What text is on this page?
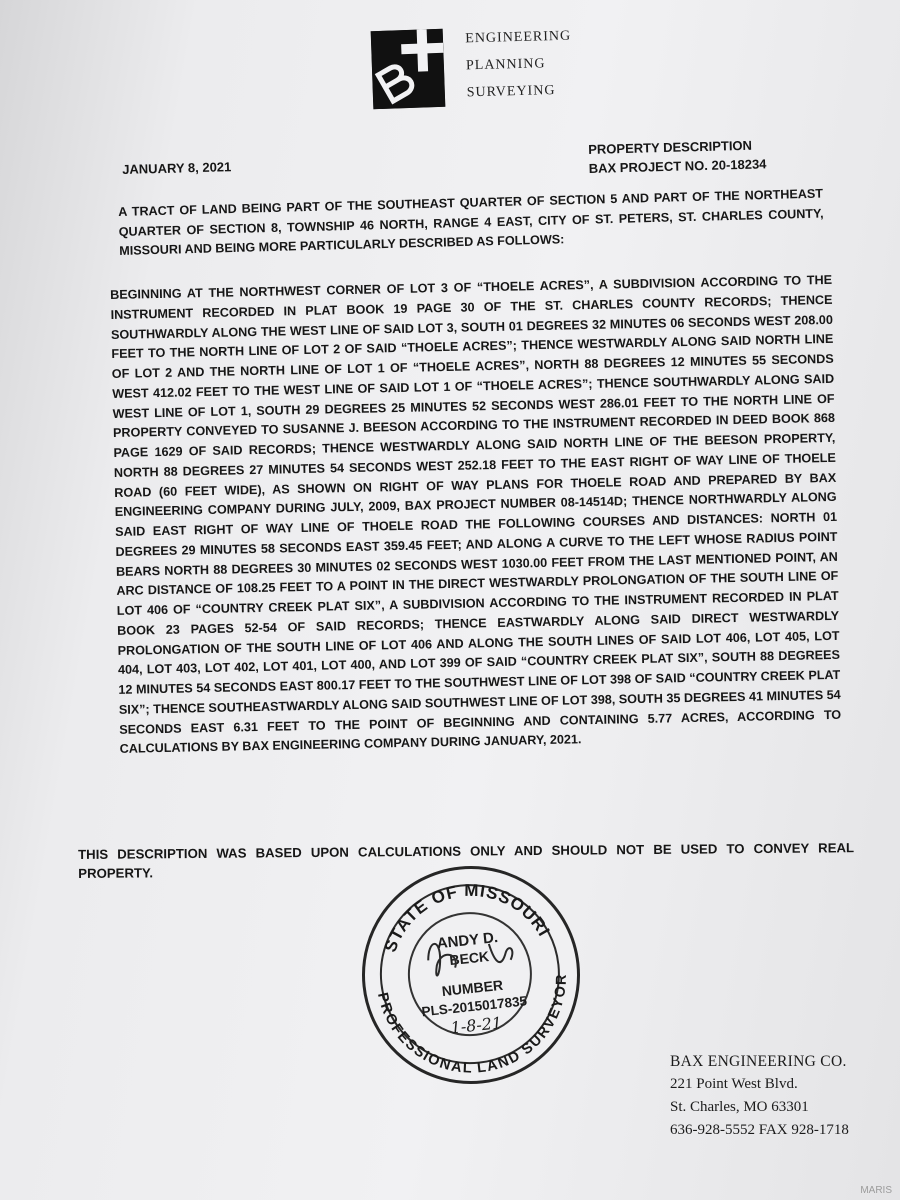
ENGINEERING
PLANNING
SURVEYING
JANUARY 8, 2021
PROPERTY DESCRIPTION
BAX PROJECT NO. 20-18234
A TRACT OF LAND BEING PART OF THE SOUTHEAST QUARTER OF SECTION 5 AND PART OF THE NORTHEAST QUARTER OF SECTION 8, TOWNSHIP 46 NORTH, RANGE 4 EAST, CITY OF ST. PETERS, ST. CHARLES COUNTY, MISSOURI AND BEING MORE PARTICULARLY DESCRIBED AS FOLLOWS:
BEGINNING AT THE NORTHWEST CORNER OF LOT 3 OF “THOELE ACRES”, A SUBDIVISION ACCORDING TO THE INSTRUMENT RECORDED IN PLAT BOOK 19 PAGE 30 OF THE ST. CHARLES COUNTY RECORDS; THENCE SOUTHWARDLY ALONG THE WEST LINE OF SAID LOT 3, SOUTH 01 DEGREES 32 MINUTES 06 SECONDS WEST 208.00 FEET TO THE NORTH LINE OF LOT 2 OF SAID “THOELE ACRES”; THENCE WESTWARDLY ALONG SAID NORTH LINE OF LOT 2 AND THE NORTH LINE OF LOT 1 OF “THOELE ACRES”, NORTH 88 DEGREES 12 MINUTES 55 SECONDS WEST 412.02 FEET TO THE WEST LINE OF SAID LOT 1 OF “THOELE ACRES”; THENCE SOUTHWARDLY ALONG SAID WEST LINE OF LOT 1, SOUTH 29 DEGREES 25 MINUTES 52 SECONDS WEST 286.01 FEET TO THE NORTH LINE OF PROPERTY CONVEYED TO SUSANNE J. BEESON ACCORDING TO THE INSTRUMENT RECORDED IN DEED BOOK 868 PAGE 1629 OF SAID RECORDS; THENCE WESTWARDLY ALONG SAID NORTH LINE OF THE BEESON PROPERTY, NORTH 88 DEGREES 27 MINUTES 54 SECONDS WEST 252.18 FEET TO THE EAST RIGHT OF WAY LINE OF THOELE ROAD (60 FEET WIDE), AS SHOWN ON RIGHT OF WAY PLANS FOR THOELE ROAD AND PREPARED BY BAX ENGINEERING COMPANY DURING JULY, 2009, BAX PROJECT NUMBER 08-14514D; THENCE NORTHWARDLY ALONG SAID EAST RIGHT OF WAY LINE OF THOELE ROAD THE FOLLOWING COURSES AND DISTANCES: NORTH 01 DEGREES 29 MINUTES 58 SECONDS EAST 359.45 FEET; AND ALONG A CURVE TO THE LEFT WHOSE RADIUS POINT BEARS NORTH 88 DEGREES 30 MINUTES 02 SECONDS WEST 1030.00 FEET FROM THE LAST MENTIONED POINT, AN ARC DISTANCE OF 108.25 FEET TO A POINT IN THE DIRECT WESTWARDLY PROLONGATION OF THE SOUTH LINE OF LOT 406 OF “COUNTRY CREEK PLAT SIX”, A SUBDIVISION ACCORDING TO THE INSTRUMENT RECORDED IN PLAT BOOK 23 PAGES 52-54 OF SAID RECORDS; THENCE EASTWARDLY ALONG SAID DIRECT WESTWARDLY PROLONGATION OF THE SOUTH LINE OF LOT 406 AND ALONG THE SOUTH LINES OF SAID LOT 406, LOT 405, LOT 404, LOT 403, LOT 402, LOT 401, LOT 400, AND LOT 399 OF SAID “COUNTRY CREEK PLAT SIX”, SOUTH 88 DEGREES 12 MINUTES 54 SECONDS EAST 800.17 FEET TO THE SOUTHWEST LINE OF LOT 398 OF SAID “COUNTRY CREEK PLAT SIX”; THENCE SOUTHEASTWARDLY ALONG SAID SOUTHWEST LINE OF LOT 398, SOUTH 35 DEGREES 41 MINUTES 54 SECONDS EAST 6.31 FEET TO THE POINT OF BEGINNING AND CONTAINING 5.77 ACRES, ACCORDING TO CALCULATIONS BY BAX ENGINEERING COMPANY DURING JANUARY, 2021.
THIS DESCRIPTION WAS BASED UPON CALCULATIONS ONLY AND SHOULD NOT BE USED TO CONVEY REAL PROPERTY.
STATE OF MISSOURI
PROFESSIONAL LAND SURVEYOR
ANDY D.
BECK
NUMBER
PLS-2015017835
1-8-21
BAX ENGINEERING CO.
221 Point West Blvd.
St. Charles, MO 63301
636-928-5552 FAX 928-1718
MARIS
